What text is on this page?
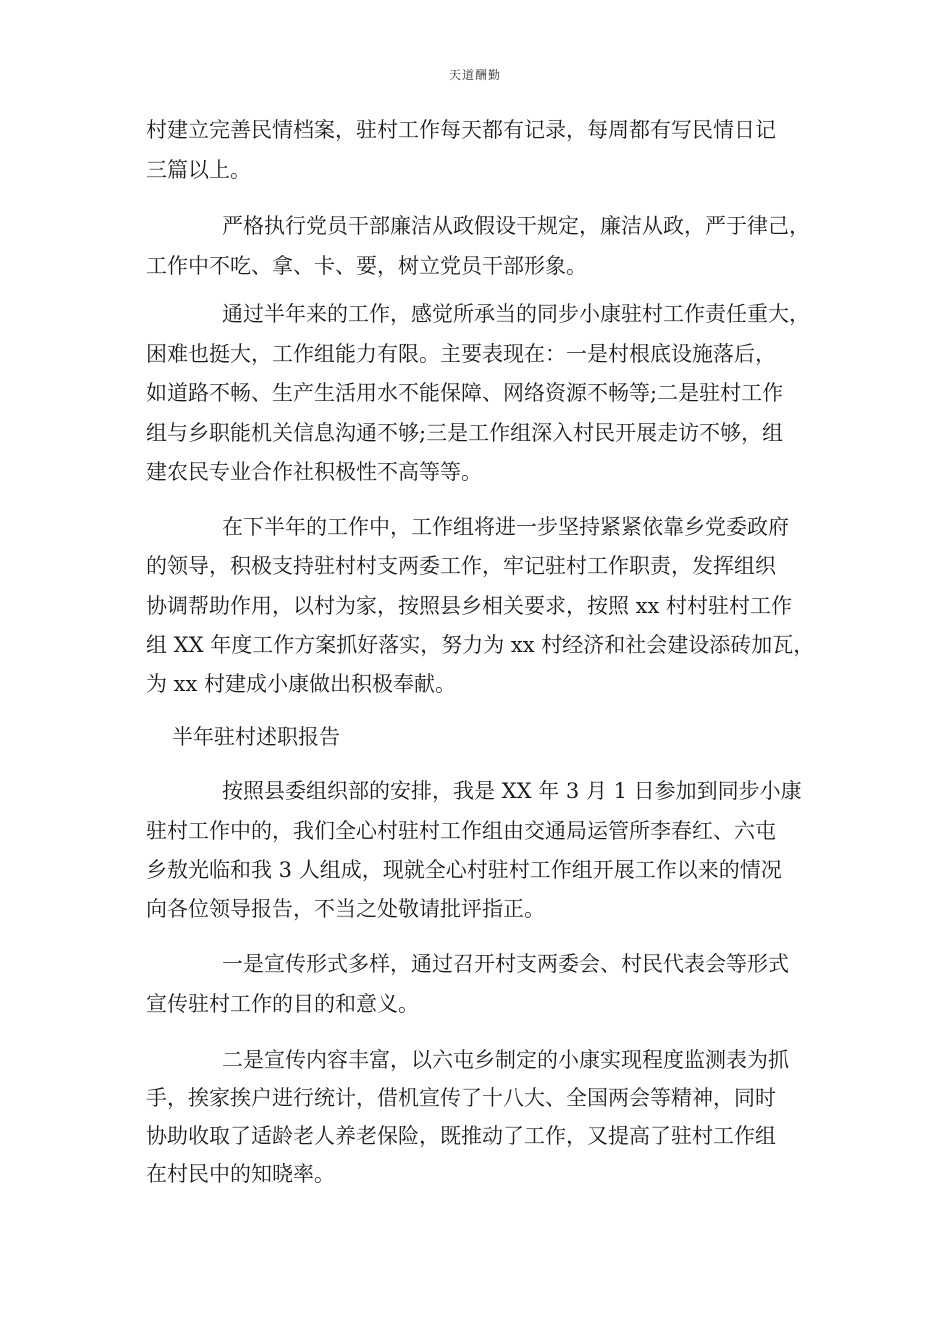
天道酬勤
村建立完善民情档案，驻村工作每天都有记录，每周都有写民情日记
三篇以上。
严格执行党员干部廉洁从政假设干规定，廉洁从政，严于律己，
工作中不吃、拿、卡、要，树立党员干部形象。
通过半年来的工作，感觉所承当的同步小康驻村工作责任重大，
困难也挺大，工作组能力有限。主要表现在：一是村根底设施落后，
如道路不畅、生产生活用水不能保障、网络资源不畅等;二是驻村工作
组与乡职能机关信息沟通不够;三是工作组深入村民开展走访不够，组
建农民专业合作社积极性不高等等。
在下半年的工作中，工作组将进一步坚持紧紧依靠乡党委政府
的领导，积极支持驻村村支两委工作，牢记驻村工作职责，发挥组织
协调帮助作用，以村为家，按照县乡相关要求，按照 xx 村村驻村工作
组 XX 年度工作方案抓好落实，努力为 xx 村经济和社会建设添砖加瓦，
为 xx 村建成小康做出积极奉献。
半年驻村述职报告
按照县委组织部的安排，我是 XX 年 3 月 1 日参加到同步小康
驻村工作中的，我们全心村驻村工作组由交通局运管所李春红、六屯
乡敖光临和我 3 人组成，现就全心村驻村工作组开展工作以来的情况
向各位领导报告，不当之处敬请批评指正。
一是宣传形式多样，通过召开村支两委会、村民代表会等形式
宣传驻村工作的目的和意义。
二是宣传内容丰富，以六屯乡制定的小康实现程度监测表为抓
手，挨家挨户进行统计，借机宣传了十八大、全国两会等精神，同时
协助收取了适龄老人养老保险，既推动了工作，又提高了驻村工作组
在村民中的知晓率。
